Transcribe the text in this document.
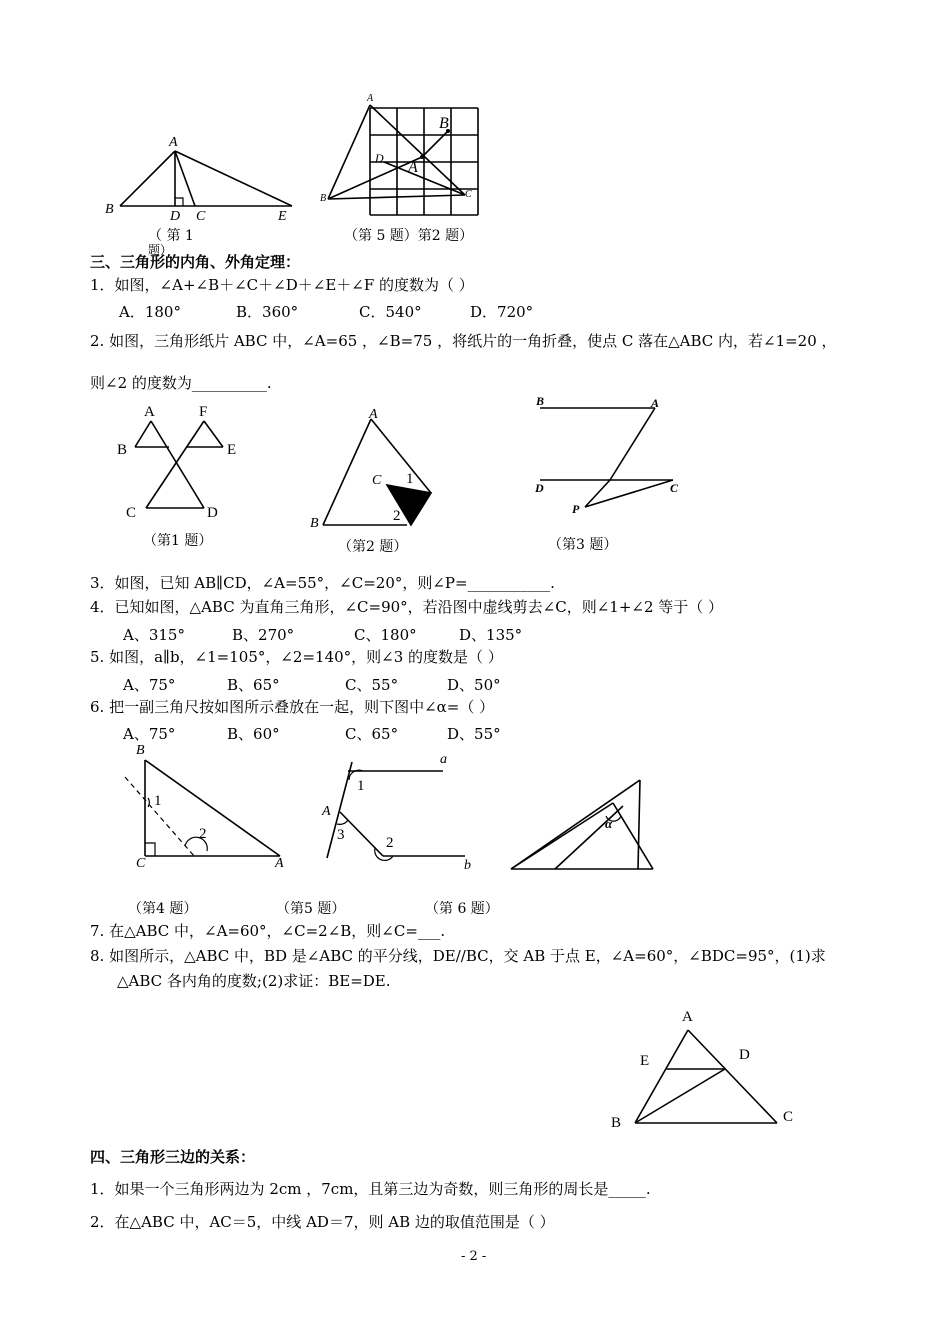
A
B	D C	E
（ 第 1
题）
A
B
D
A
B	C
（第 5 题）第2 题）
三、三角形的内角、外角定理：
1．如图，∠A+∠B＋∠C＋∠D＋∠E＋∠F 的度数为（ ）
A．180°	B．360°	C．540°	D．720°
2. 如图，三角形纸片 ABC 中，∠A=65 ，∠B=75 ，将纸片的一角折叠，使点 C 落在△ABC 内，若∠1=20 ，
则∠2 的度数为__________.
A	F
B	E
C	D
（第1 题）
A
C 1
2
B
（第2 题）
B	A
D	C
P
（第3 题）
3．如图，已知 AB∥CD，∠A=55°，∠C=20°，则∠P=___________.
4．已知如图，△ABC 为直角三角形，∠C=90°，若沿图中虚线剪去∠C，则∠1+∠2 等于（ ）
A、315°	B、270°	C、180°	D、135°
5. 如图，a∥b，∠1=105°，∠2=140°，则∠3 的度数是（ ）
A、75°	B、65°	C、55°	D、50°
6. 把一副三角尺按如图所示叠放在一起，则下图中∠α=（ ）
A、75°	B、60°	C、65°	D、55°
B
1
2
C	A
（第4 题）
a
1
A
3	2
b
（第5 题）
α
（第 6 题）
7. 在△ABC 中，∠A=60°，∠C=2∠B，则∠C=___.
8. 如图所示，△ABC 中，BD 是∠ABC 的平分线，DE//BC，交 AB 于点 E，∠A=60°，∠BDC=95°，(1)求
△ABC 各内角的度数;(2)求证：BE=DE.
A
E	D
B	C
四、三角形三边的关系：
1．如果一个三角形两边为 2cm ，7cm，且第三边为奇数，则三角形的周长是_____.
2．在△ABC 中，AC＝5，中线 AD＝7，则 AB 边的取值范围是（ ）
- 2 -
